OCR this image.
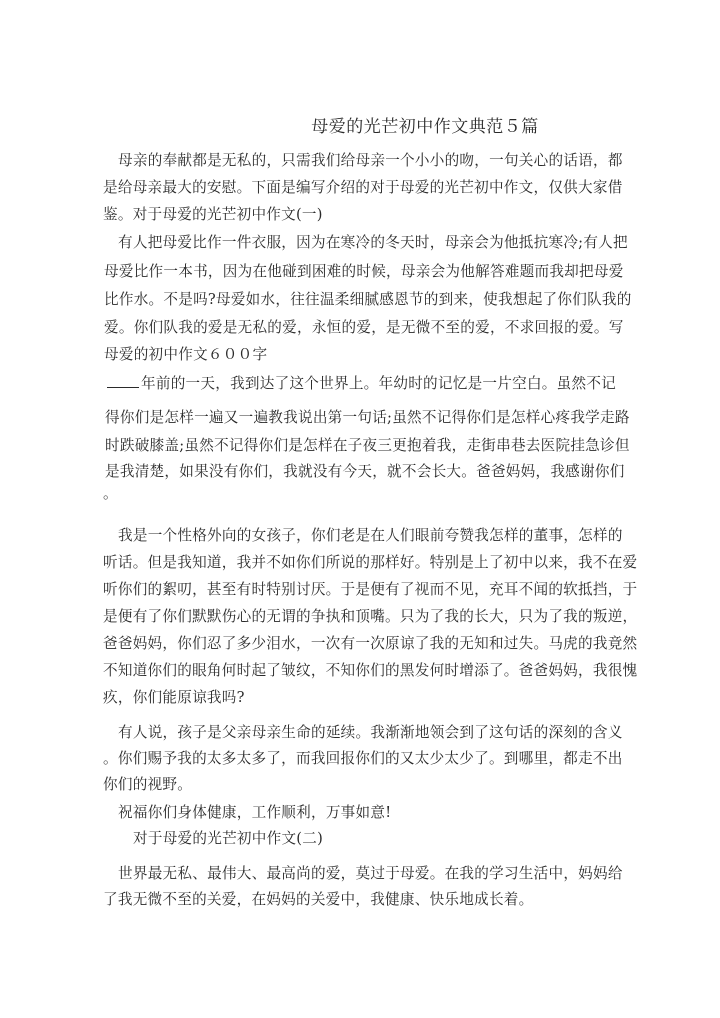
母爱的光芒初中作文典范５篇
母亲的奉献都是无私的，只需我们给母亲一个小小的吻，一句关心的话语，都
是给母亲最大的安慰。下面是编写介绍的对于母爱的光芒初中作文，仅供大家借
鉴。对于母爱的光芒初中作文(一)
有人把母爱比作一件衣服，因为在寒冷的冬天时，母亲会为他抵抗寒冷;有人把
母爱比作一本书，因为在他碰到困难的时候，母亲会为他解答难题而我却把母爱
比作水。不是吗?母爱如水，往往温柔细腻感恩节的到来，使我想起了你们队我的
爱。你们队我的爱是无私的爱，永恒的爱，是无微不至的爱，不求回报的爱。写
母爱的初中作文６００字
年前的一天，我到达了这个世界上。年幼时的记忆是一片空白。虽然不记
得你们是怎样一遍又一遍教我说出第一句话;虽然不记得你们是怎样心疼我学走路
时跌破膝盖;虽然不记得你们是怎样在子夜三更抱着我，走街串巷去医院挂急诊但
是我清楚，如果没有你们，我就没有今天，就不会长大。爸爸妈妈，我感谢你们
。
我是一个性格外向的女孩子，你们老是在人们眼前夸赞我怎样的董事，怎样的
听话。但是我知道，我并不如你们所说的那样好。特别是上了初中以来，我不在爱
听你们的絮叨，甚至有时特别讨厌。于是便有了视而不见，充耳不闻的软抵挡，于
是便有了你们默默伤心的无谓的争执和顶嘴。只为了我的长大，只为了我的叛逆，
爸爸妈妈，你们忍了多少泪水，一次有一次原谅了我的无知和过失。马虎的我竟然
不知道你们的眼角何时起了皱纹，不知你们的黑发何时增添了。爸爸妈妈，我很愧
疚，你们能原谅我吗?
有人说，孩子是父亲母亲生命的延续。我渐渐地领会到了这句话的深刻的含义
。你们赐予我的太多太多了，而我回报你们的又太少太少了。到哪里，都走不出
你们的视野。
祝福你们身体健康，工作顺利，万事如意!
对于母爱的光芒初中作文(二)
世界最无私、最伟大、最高尚的爱，莫过于母爱。在我的学习生活中，妈妈给
了我无微不至的关爱，在妈妈的关爱中，我健康、快乐地成长着。
